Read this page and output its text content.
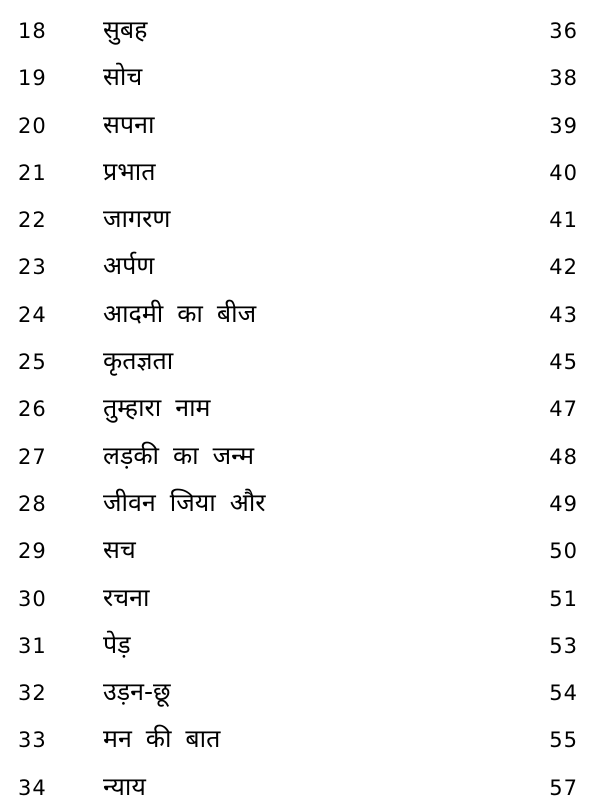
18 सुबह	36
19 सोच	38
20 सपना	39
21 प्रभात	40
22 जागरण	41
23 अर्पण	42
24 आदमी का बीज	43
25 कृतज्ञता	45
26 तुम्हारा नाम	47
27 लड़की का जन्म	48
28 जीवन जिया और	49
29 सच	50
30 रचना	51
31 पेड़	53
32 उड़न-छू	54
33 मन की बात	55
34 न्याय	57
